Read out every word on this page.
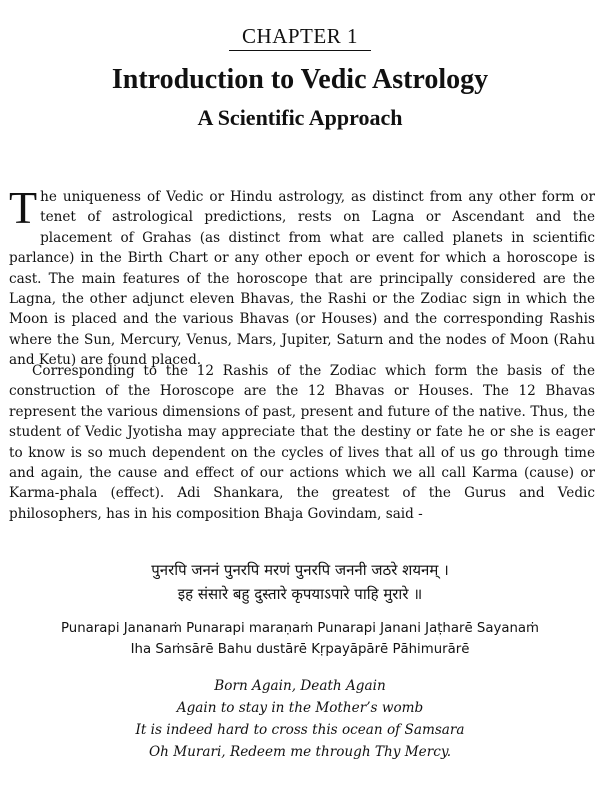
CHAPTER 1
Introduction to Vedic Astrology
A Scientific Approach

The uniqueness of Vedic or Hindu astrology, as distinct from any other form or tenet of astrological predictions, rests on Lagna or Ascendant and the placement of Grahas (as distinct from what are called planets in scientific parlance) in the Birth Chart or any other epoch or event for which a horoscope is cast. The main features of the horoscope that are principally considered are the Lagna, the other adjunct eleven Bhavas, the Rashi or the Zodiac sign in which the Moon is placed and the various Bhavas (or Houses) and the corresponding Rashis where the Sun, Mercury, Venus, Mars, Jupiter, Saturn and the nodes of Moon (Rahu and Ketu) are found placed.

Corresponding to the 12 Rashis of the Zodiac which form the basis of the construction of the Horoscope are the 12 Bhavas or Houses. The 12 Bhavas represent the various dimensions of past, present and future of the native. Thus, the student of Vedic Jyotisha may appreciate that the destiny or fate he or she is eager to know is so much dependent on the cycles of lives that all of us go through time and again, the cause and effect of our actions which we all call Karma (cause) or Karma-phala (effect). Adi Shankara, the greatest of the Gurus and Vedic philosophers, has in his composition Bhaja Govindam, said -

पुनरपि जननं पुनरपि मरणं पुनरपि जननी जठरे शयनम् ।
इह संसारे बहु दुस्तारे कृपयाऽपारे पाहि मुरारे ॥
Punarapi Jananaṁ Punarapi maraṇaṁ Punarapi Janani Jaṭharē Sayanaṁ
Iha Saṁsārē Bahu dustārē Kṛpayāpārē Pāhimurārē
Born Again, Death Again
Again to stay in the Mother’s womb
It is indeed hard to cross this ocean of Samsara
Oh Murari, Redeem me through Thy Mercy.
